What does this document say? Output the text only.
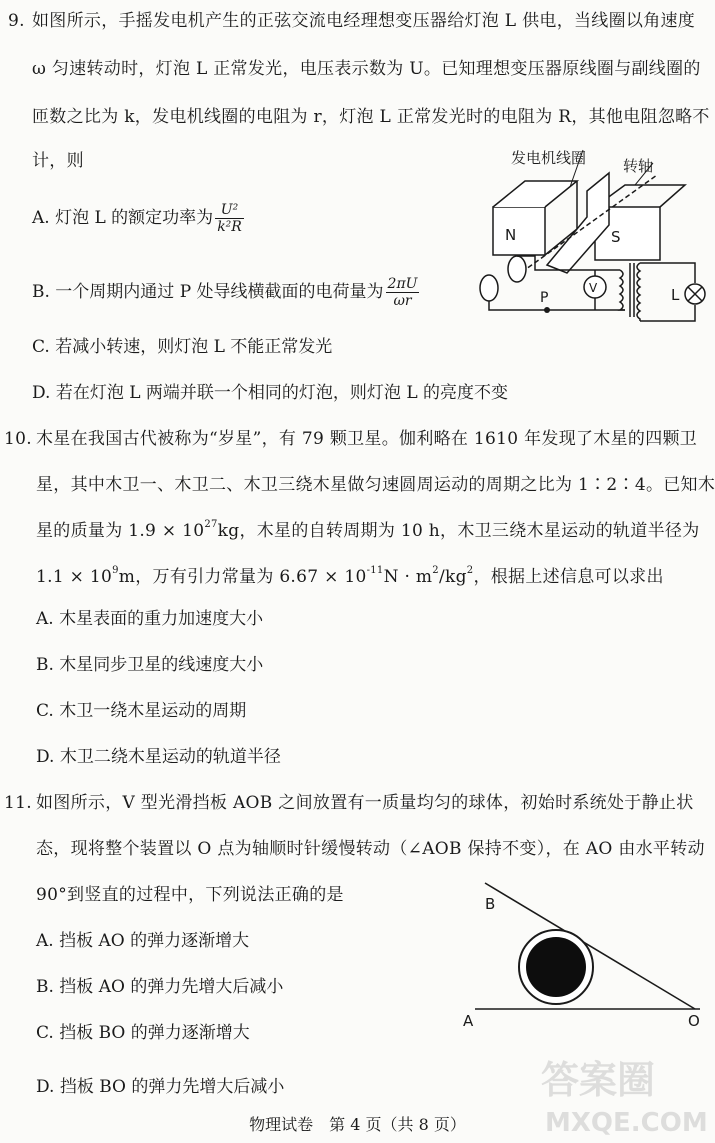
9. 如图所示，手摇发电机产生的正弦交流电经理想变压器给灯泡 L 供电，当线圈以角速度
ω 匀速转动时，灯泡 L 正常发光，电压表示数为 U。已知理想变压器原线圈与副线圈的
匝数之比为 k，发电机线圈的电阻为 r，灯泡 L 正常发光时的电阻为 R，其他电阻忽略不
计，则
A. 灯泡 L 的额定功率为 $\frac{\text{U²}}{\text{k²R}}$
B. 一个周期内通过 P 处导线横截面的电荷量为 $\frac{2\pi U}{\omega r}$
C. 若减小转速，则灯泡 L 不能正常发光
D. 若在灯泡 L 两端并联一个相同的灯泡，则灯泡 L 的亮度不变
发电机线圈 转轴
N	S
V
P	L
10. 木星在我国古代被称为“岁星”，有 79 颗卫星。伽利略在 1610 年发现了木星的四颗卫
星，其中木卫一、木卫二、木卫三绕木星做匀速圆周运动的周期之比为 1∶2∶4。已知木
星的质量为 $1.9 \times 10^{27}kg$，木星的自转周期为 10 h，木卫三绕木星运动的轨道半径为
$1.1 \times 10^9m$，万有引力常量为 $6.67 \times 10^{-11}N \cdot m^2/kg^2$，根据上述信息可以求出
A. 木星表面的重力加速度大小
B. 木星同步卫星的线速度大小
C. 木卫一绕木星运动的周期
D. 木卫二绕木星运动的轨道半径
11. 如图所示，V 型光滑挡板 AOB 之间放置有一质量均匀的球体，初始时系统处于静止状
态，现将整个装置以 O 点为轴顺时针缓慢转动（∠AOB 保持不变），在 AO 由水平转动
90°到竖直的过程中，下列说法正确的是
A. 挡板 AO 的弹力逐渐增大
B. 挡板 AO 的弹力先增大后减小
C. 挡板 BO 的弹力逐渐增大
D. 挡板 BO 的弹力先增大后减小
B
A	O
物理试卷　第 4 页（共 8 页）
答案圈
MXQE.COM
